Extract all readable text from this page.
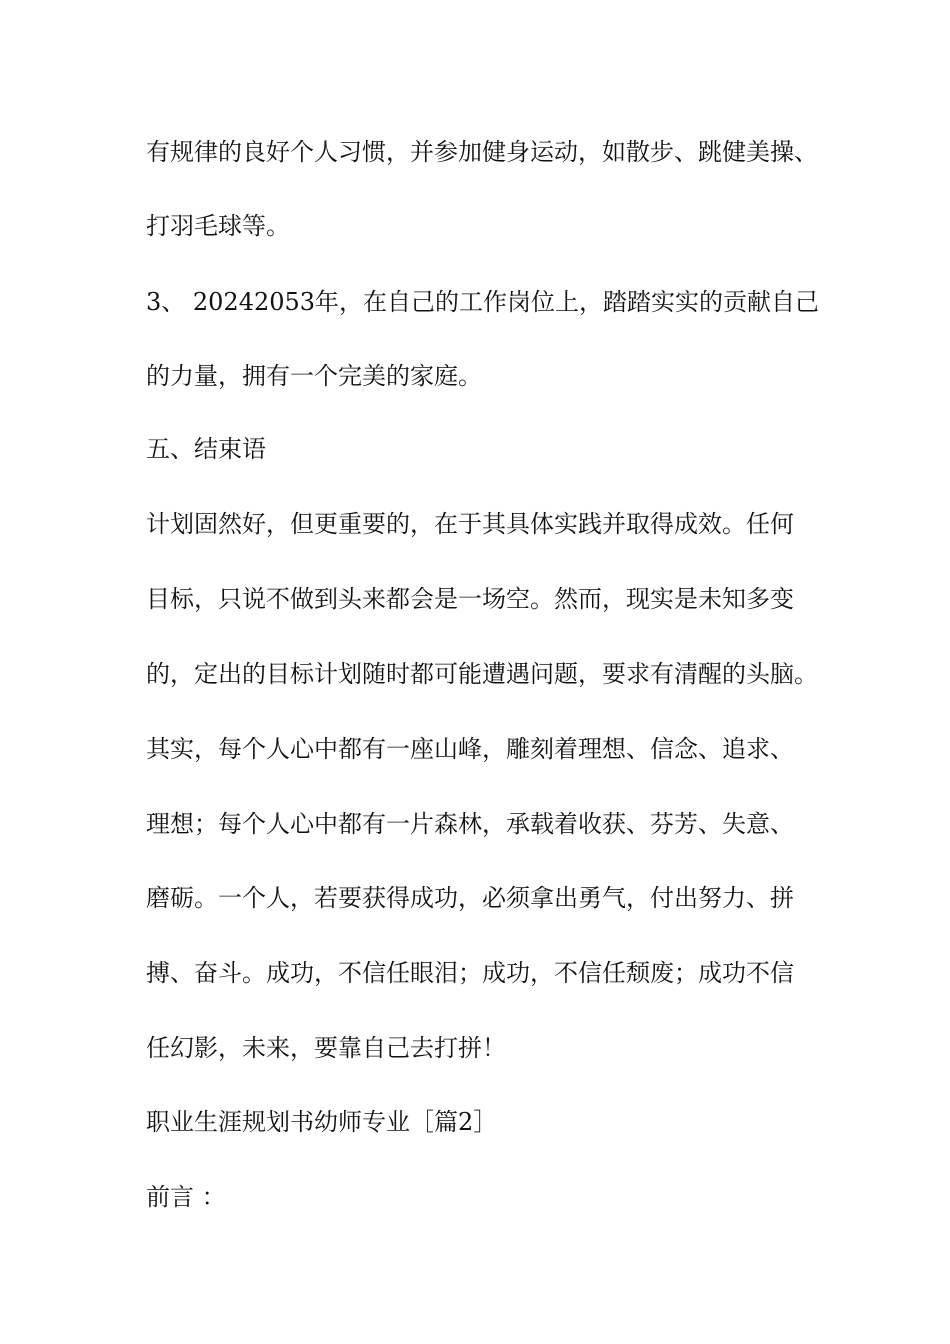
有规律的良好个人习惯，并参加健身运动，如散步、跳健美操、

打羽毛球等。

3、 20242053年，在自己的工作岗位上，踏踏实实的贡献自己

的力量，拥有一个完美的家庭。

五、结束语

计划固然好，但更重要的，在于其具体实践并取得成效。任何

目标，只说不做到头来都会是一场空。然而，现实是未知多变

的，定出的目标计划随时都可能遭遇问题，要求有清醒的头脑。

其实，每个人心中都有一座山峰，雕刻着理想、信念、追求、

理想；每个人心中都有一片森林，承载着收获、芬芳、失意、

磨砺。一个人，若要获得成功，必须拿出勇气，付出努力、拼

搏、奋斗。成功，不信任眼泪；成功，不信任颓废；成功不信

任幻影，未来，要靠自己去打拼！

职业生涯规划书幼师专业［篇2］

前言 ：
